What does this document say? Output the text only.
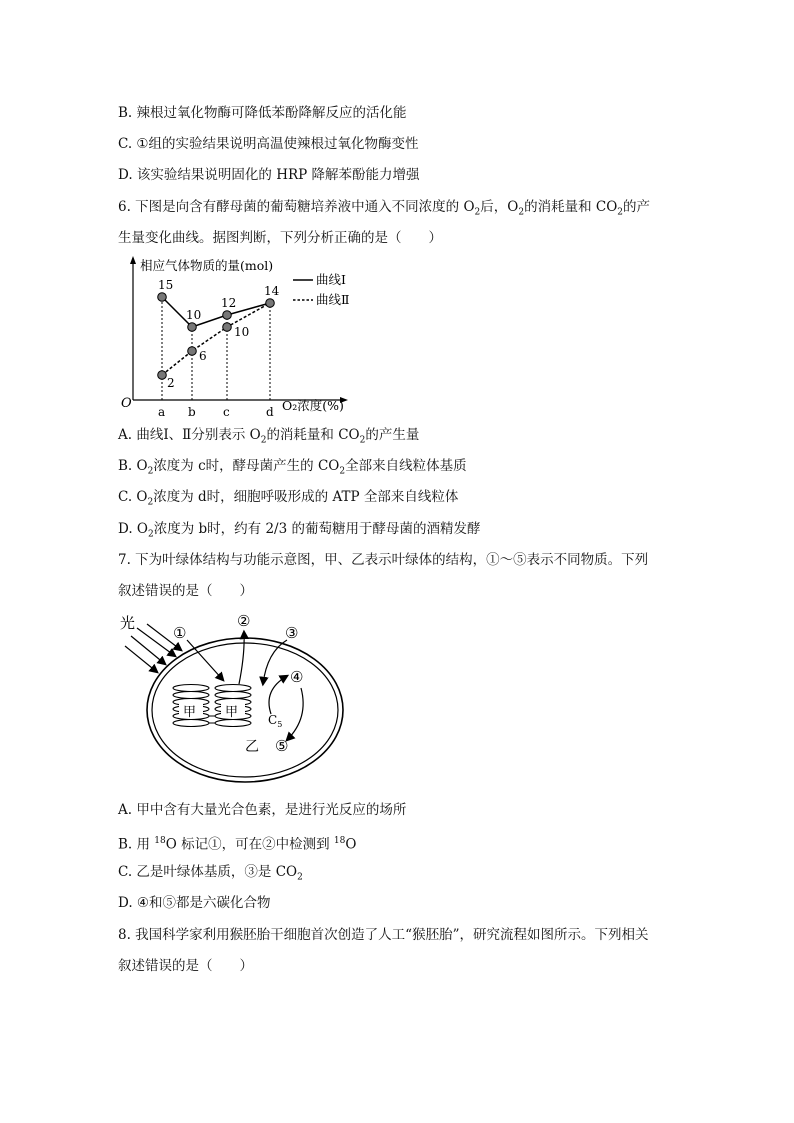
B. 辣根过氧化物酶可降低苯酚降解反应的活化能
C. ①组的实验结果说明高温使辣根过氧化物酶变性
D. 该实验结果说明固化的 HRP 降解苯酚能力增强
6. 下图是向含有酵母菌的葡萄糖培养液中通入不同浓度的 $O_2$后，$O_2$的消耗量和 $CO_2$的产
生量变化曲线。据图判断，下列分析正确的是（　　）
相应气体物质的量(mol)
O	O₂浓度(%)
a b c	d
15
10
12
14
2
6
10
曲线Ⅰ
曲线Ⅱ
A. 曲线Ⅰ、Ⅱ分别表示 $O_2$的消耗量和 $CO_2$的产生量
B. $O_2$浓度为 c时，酵母菌产生的 $CO_2$全部来自线粒体基质
C. $O_2$浓度为 d时，细胞呼吸形成的 ATP 全部来自线粒体
D. $O_2$浓度为 b时，约有 2/3 的葡萄糖用于酵母菌的酒精发酵
7. 下为叶绿体结构与功能示意图，甲、乙表示叶绿体的结构，①～⑤表示不同物质。下列
叙述错误的是（　　）
光
甲 甲
①
②
③
④
$C_5$
⑤
乙
A. 甲中含有大量光合色素，是进行光反应的场所
B. 用 $^{18}$O 标记①，可在②中检测到 $^{18}$O
C. 乙是叶绿体基质，③是 $CO_2$
D. ④和⑤都是六碳化合物
8. 我国科学家利用猴胚胎干细胞首次创造了人工“猴胚胎”，研究流程如图所示。下列相关
叙述错误的是（　　）
